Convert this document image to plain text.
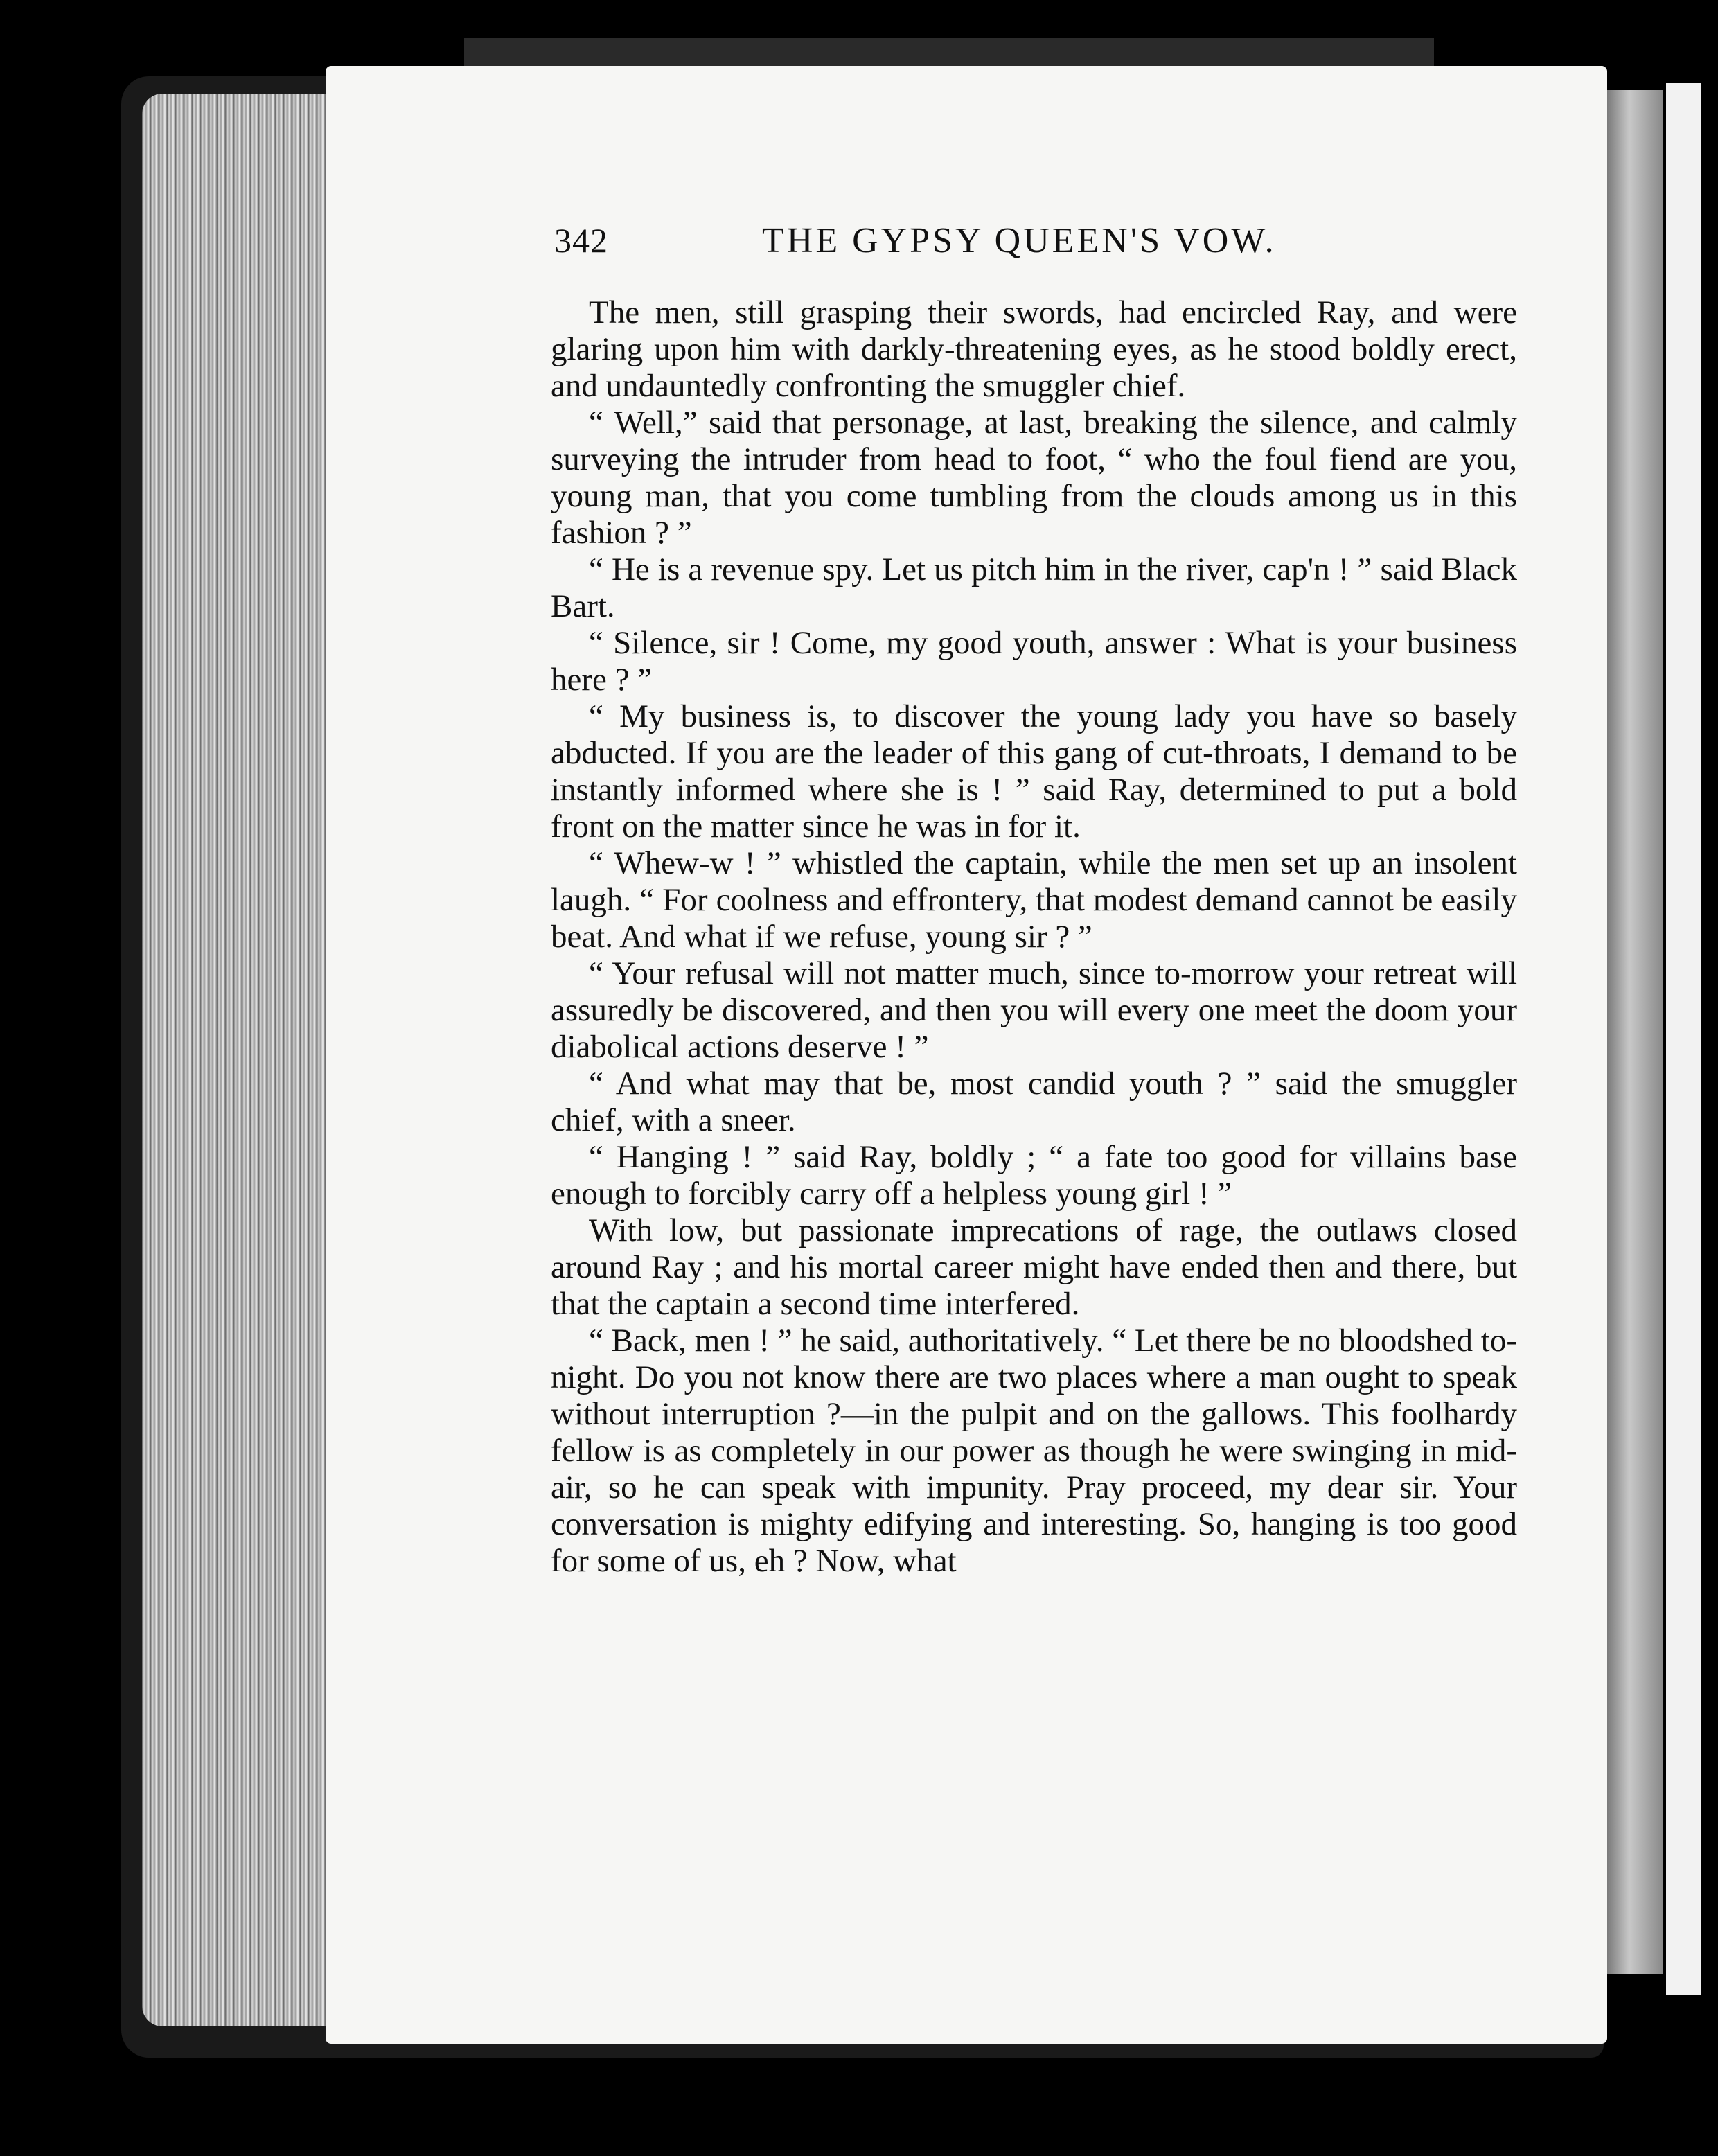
342	THE GYPSY QUEEN'S VOW.

The men, still grasping their swords, had encircled Ray, and were glaring upon him with darkly-threatening eyes, as he stood boldly erect, and undauntedly confronting the smuggler chief.

“ Well,” said that personage, at last, breaking the silence, and calmly surveying the intruder from head to foot, “ who the foul fiend are you, young man, that you come tumbling from the clouds among us in this fashion ? ”

“ He is a revenue spy. Let us pitch him in the river, cap'n ! ” said Black Bart.

“ Silence, sir ! Come, my good youth, answer : What is your business here ? ”

“ My business is, to discover the young lady you have so basely abducted. If you are the leader of this gang of cut-throats, I demand to be instantly informed where she is ! ” said Ray, determined to put a bold front on the matter since he was in for it.

“ Whew-w ! ” whistled the captain, while the men set up an insolent laugh. “ For coolness and effrontery, that modest demand cannot be easily beat. And what if we refuse, young sir ? ”

“ Your refusal will not matter much, since to-morrow your retreat will assuredly be discovered, and then you will every one meet the doom your diabolical actions deserve ! ”

“ And what may that be, most candid youth ? ” said the smuggler chief, with a sneer.

“ Hanging ! ” said Ray, boldly ; “ a fate too good for villains base enough to forcibly carry off a helpless young girl ! ”

With low, but passionate imprecations of rage, the outlaws closed around Ray ; and his mortal career might have ended then and there, but that the captain a second time interfered.

“ Back, men ! ” he said, authoritatively. “ Let there be no bloodshed to-night. Do you not know there are two places where a man ought to speak without interruption ?—in the pulpit and on the gallows. This foolhardy fellow is as completely in our power as though he were swinging in mid-air, so he can speak with impunity. Pray proceed, my dear sir. Your conversation is mighty edifying and interesting. So, hanging is too good for some of us, eh ? Now, what
